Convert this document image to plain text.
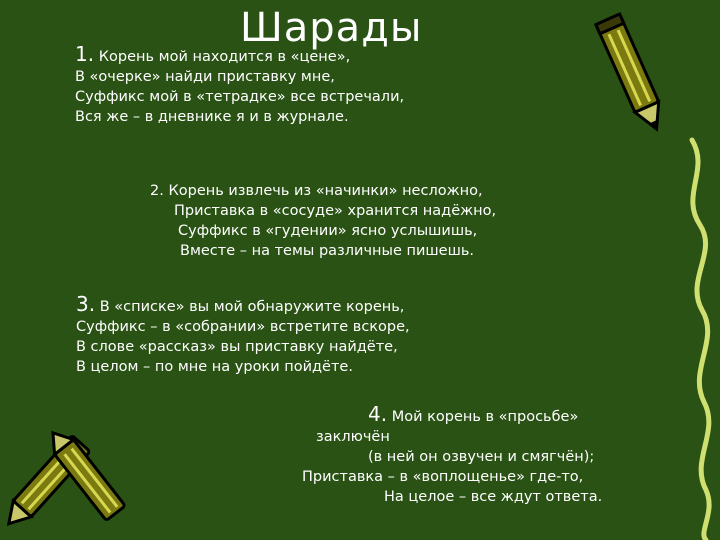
Шарады

1. Корень мой находится в «цене»,
В «очерке» найди приставку мне,
Суффикс мой в «тетрадке» все встречали,
Вся же – в дневнике я и в журнале.

2. Корень извлечь из «начинки» несложно,
Приставка в «сосуде» хранится надёжно,
Суффикс в «гудении» ясно услышишь,
Вместе – на темы различные пишешь.

3. В «списке» вы мой обнаружите корень,
Суффикс – в «собрании» встретите вскоре,
В слове «рассказ» вы приставку найдёте,
В целом – по мне на уроки пойдёте.

4. Мой корень в «просьбе»
заключён
(в ней он озвучен и смягчён);
Приставка – в «воплощенье» где-то,
На целое – все ждут ответа.
